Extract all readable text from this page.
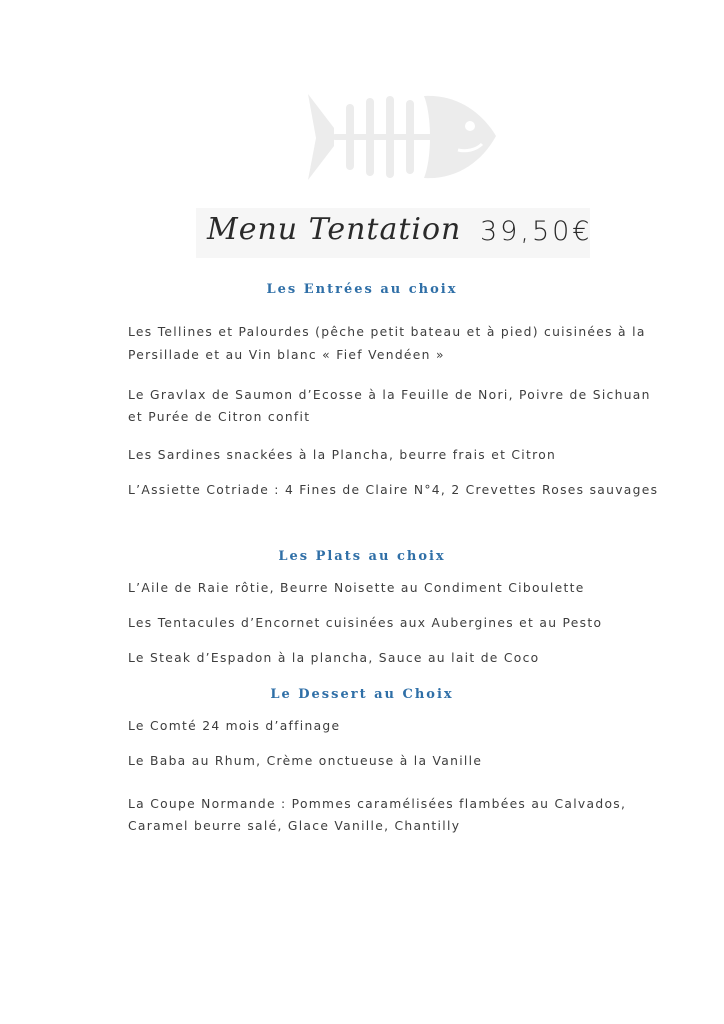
Menu Tentation 39,50€
Les Entrées au choix
Les Tellines et Palourdes (pêche petit bateau et à pied) cuisinées à la
Persillade et au Vin blanc « Fief Vendéen »
Le Gravlax de Saumon d’Ecosse à la Feuille de Nori, Poivre de Sichuan
et Purée de Citron confit
Les Sardines snackées à la Plancha, beurre frais et Citron
L’Assiette Cotriade : 4 Fines de Claire N°4, 2 Crevettes Roses sauvages
Les Plats au choix
L’Aile de Raie rôtie, Beurre Noisette au Condiment Ciboulette
Les Tentacules d’Encornet cuisinées aux Aubergines et au Pesto
Le Steak d’Espadon à la plancha, Sauce au lait de Coco
Le Dessert au Choix
Le Comté 24 mois d’affinage
Le Baba au Rhum, Crème onctueuse à la Vanille
La Coupe Normande : Pommes caramélisées flambées au Calvados,
Caramel beurre salé, Glace Vanille, Chantilly
